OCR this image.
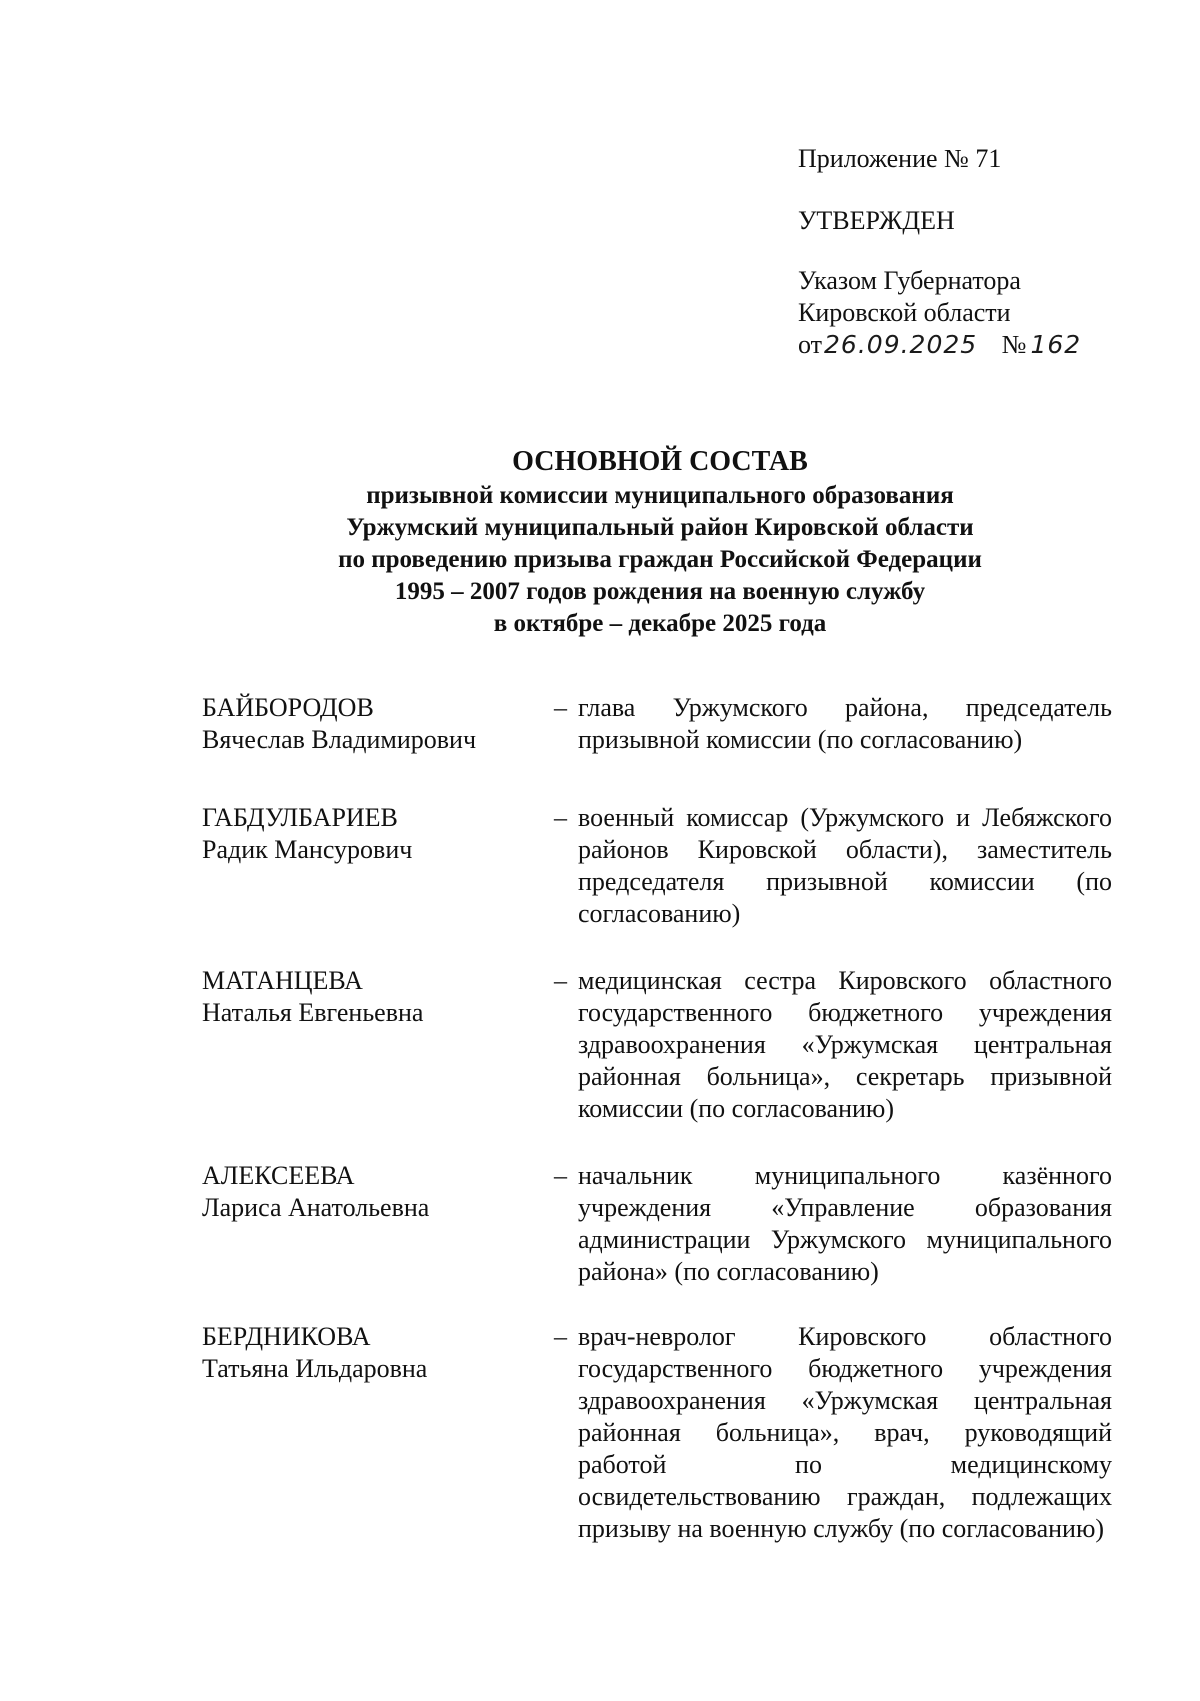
Приложение № 71
УТВЕРЖДЕН
Указом Губернатора
Кировской области
от26.09.2025 № 162
ОСНОВНОЙ СОСТАВ
призывной комиссии муниципального образования
Уржумский муниципальный район Кировской области
по проведению призыва граждан Российской Федерации
1995 – 2007 годов рождения на военную службу
в октябре – декабре 2025 года
БАЙБОРОДОВ
Вячеслав Владимирович
– глава Уржумского района, председатель призывной комиссии (по согласованию)
ГАБДУЛБАРИЕВ
Радик Мансурович
– военный комиссар (Уржумского и Лебяжского районов Кировской области), заместитель председателя призывной комиссии (по согласованию)
МАТАНЦЕВА
Наталья Евгеньевна
– медицинская сестра Кировского областного государственного бюджетного учреждения здравоохранения «Уржумская центральная районная больница», секретарь призывной комиссии (по согласованию)
АЛЕКСЕЕВА
Лариса Анатольевна
– начальник муниципального казённого учреждения «Управление образования администрации Уржумского муниципального района» (по согласованию)
БЕРДНИКОВА
Татьяна Ильдаровна
– врач-невролог Кировского областного государственного бюджетного учреждения здравоохранения «Уржумская центральная районная больница», врач, руководящий работой по медицинскому освидетельствованию граждан, подлежащих призыву на военную службу (по согласованию)
